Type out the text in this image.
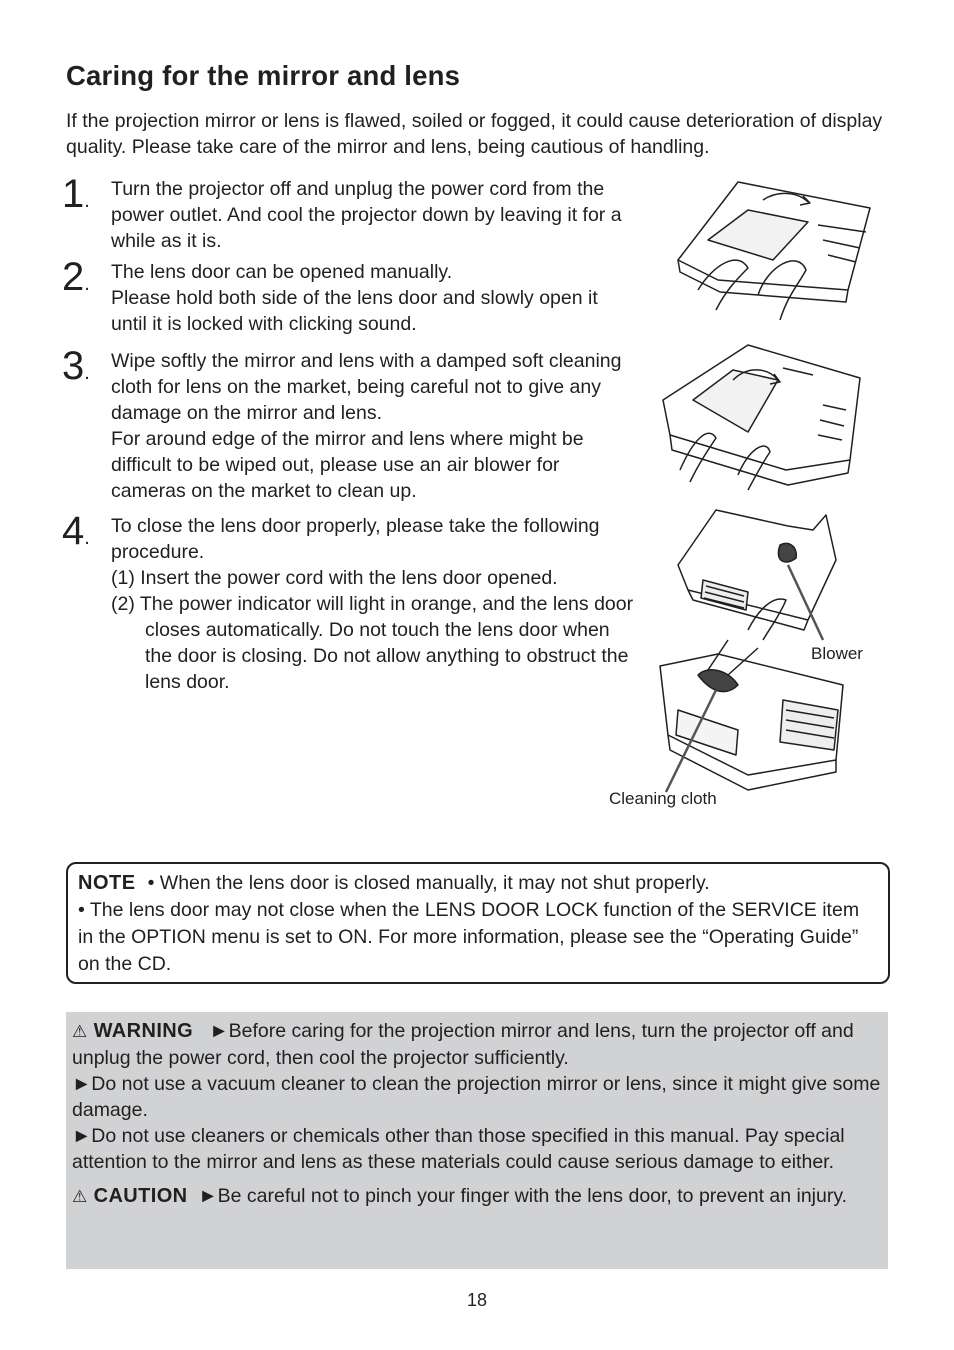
Caring for the mirror and lens

If the projection mirror or lens is flawed, soiled or fogged, it could cause deterioration of display quality. Please take care of the mirror and lens, being cautious of handling.

1 . Turn the projector off and unplug the power cord from the power outlet. And cool the projector down by leaving it for a while as it is.

2 . The lens door can be opened manually.

Please hold both side of the lens door and slowly open it until it is locked with clicking sound.

3 . Wipe softly the mirror and lens with a damped soft cleaning cloth for lens on the market, being careful not to give any damage on the mirror and lens.

For around edge of the mirror and lens where might be difficult to be wiped out, please use an air blower for cameras on the market to clean up.

4 . To close the lens door properly, please take the following procedure.

(1) Insert the power cord with the lens door opened.

(2) The power indicator will light in orange, and the lens door closes automatically. Do not touch the lens door when the door is closing. Do not allow anything to obstruct the lens door.

Blower
Cleaning cloth

NOTE • When the lens door is closed manually, it may not shut properly.

• The lens door may not close when the LENS DOOR LOCK function of the SERVICE item in the OPTION menu is set to ON. For more information, please see the “Operating Guide” on the CD.

⚠ WARNING ►Before caring for the projection mirror and lens, turn the projector off and unplug the power cord, then cool the projector sufficiently.

►Do not use a vacuum cleaner to clean the projection mirror or lens, since it might give some damage.

►Do not use cleaners or chemicals other than those specified in this manual. Pay special attention to the mirror and lens as these materials could cause serious damage to either.

⚠ CAUTION ►Be careful not to pinch your finger with the lens door, to prevent an injury.

18
